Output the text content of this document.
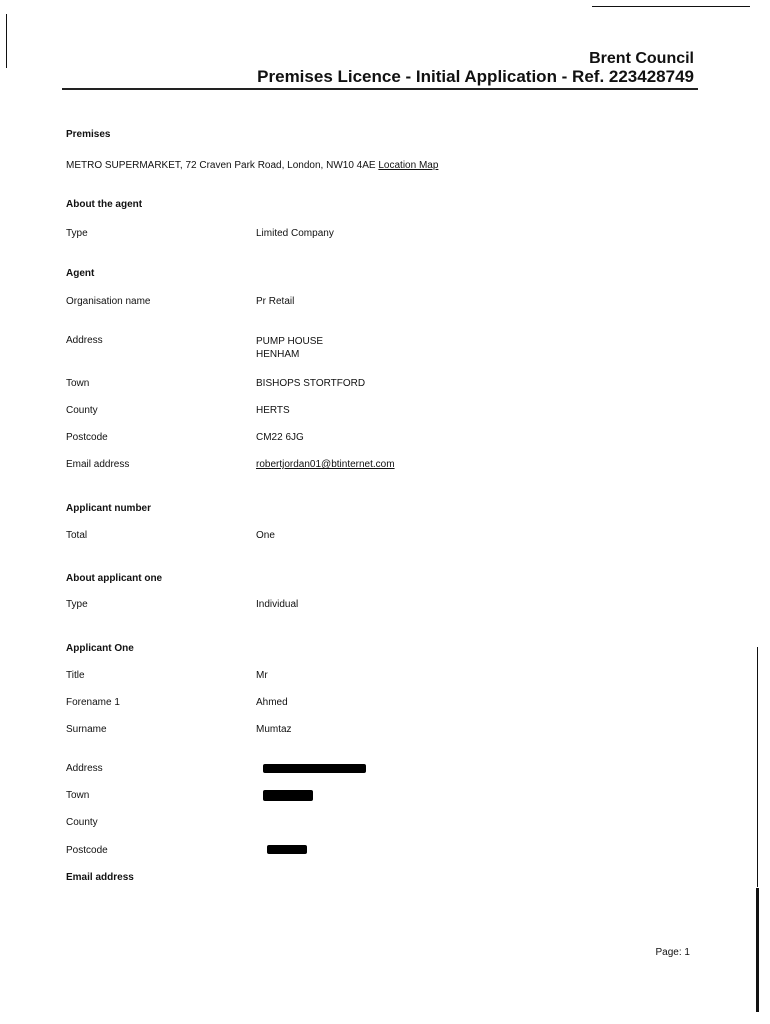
Brent Council
Premises Licence - Initial Application - Ref. 223428749
Premises
METRO SUPERMARKET, 72 Craven Park Road, London, NW10 4AE Location Map
About the agent
Type	Limited Company
Agent
Organisation name	Pr Retail
Address	PUMP HOUSE
HENHAM
Town	BISHOPS STORTFORD
County	HERTS
Postcode	CM22 6JG
Email address	robertjordan01@btinternet.com
Applicant number
Total	One
About applicant one
Type	Individual
Applicant One
Title	Mr
Forename 1	Ahmed
Surname	Mumtaz
Address
Town
County
Postcode
Email address
Page: 1
